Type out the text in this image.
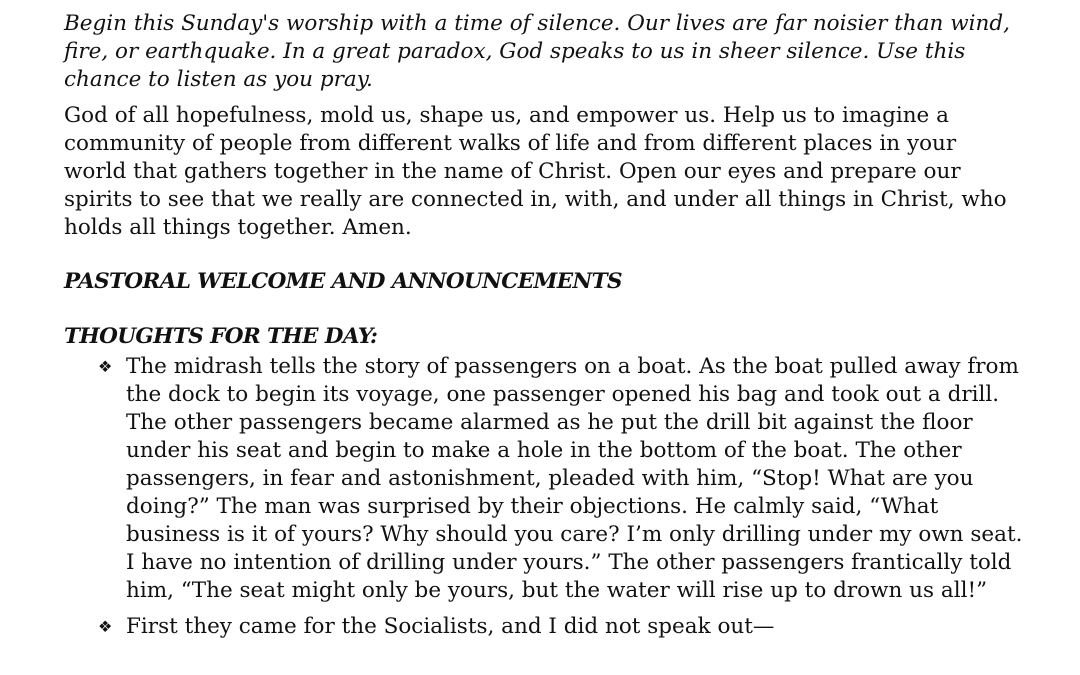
Begin this Sunday's worship with a time of silence. Our lives are far noisier than wind, fire, or earthquake. In a great paradox, God speaks to us in sheer silence. Use this chance to listen as you pray.

God of all hopefulness, mold us, shape us, and empower us. Help us to imagine a community of people from different walks of life and from different places in your world that gathers together in the name of Christ. Open our eyes and prepare our spirits to see that we really are connected in, with, and under all things in Christ, who holds all things together. Amen.

PASTORAL WELCOME AND ANNOUNCEMENTS
THOUGHTS FOR THE DAY:
❖ The midrash tells the story of passengers on a boat. As the boat pulled away from the dock to begin its voyage, one passenger opened his bag and took out a drill. The other passengers became alarmed as he put the drill bit against the floor under his seat and begin to make a hole in the bottom of the boat. The other passengers, in fear and astonishment, pleaded with him, “Stop! What are you doing?” The man was surprised by their objections. He calmly said, “What business is it of yours? Why should you care? I’m only drilling under my own seat. I have no intention of drilling under yours.” The other passengers frantically told him, “The seat might only be yours, but the water will rise up to drown us all!”
❖ First they came for the Socialists, and I did not speak out—
